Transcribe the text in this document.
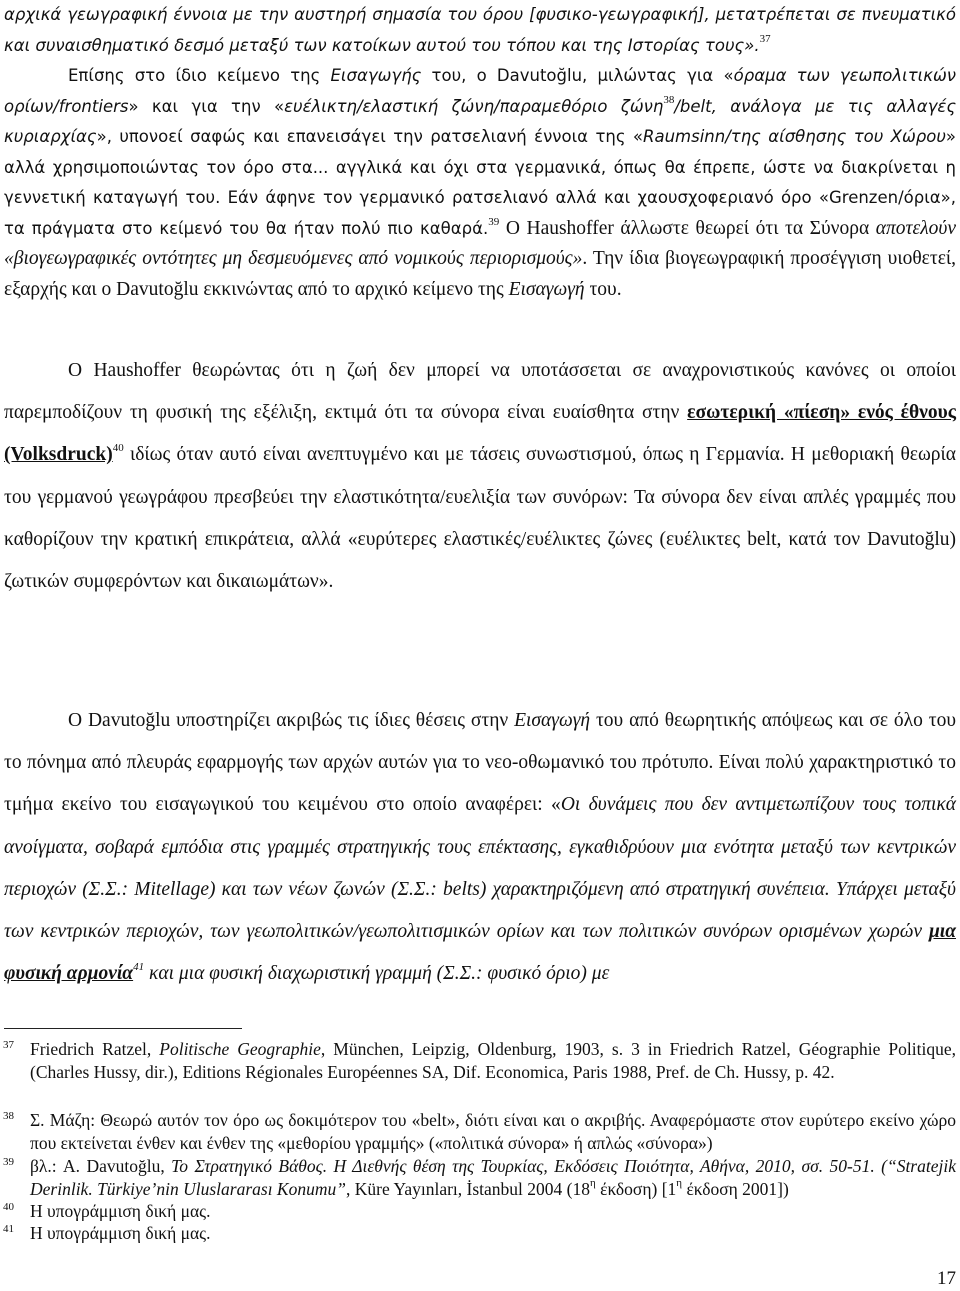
αρχικά γεωγραφική έννοια με την αυστηρή σημασία του όρου [φυσικο-γεωγραφική], μετατρέπεται σε πνευματικό και συναισθηματικό δεσμό μεταξύ των κατοίκων αυτού του τόπου και της Ιστορίας τους».$^{37}$
Επίσης στο ίδιο κείμενο της Εισαγωγής του, ο Davutoğlu, μιλώντας για «όραμα των γεωπολιτικών ορίων/frontiers» και για την «ευέλικτη/ελαστική ζώνη/παραμεθόριο ζώνη$^{38}$/belt, ανάλογα με τις αλλαγές κυριαρχίας», υπονοεί σαφώς και επανεισάγει την ρατσελιανή έννοια της «Raumsinn/της αίσθησης του Χώρου» αλλά χρησιμοποιώντας τον όρο στα... αγγλικά και όχι στα γερμανικά, όπως θα έπρεπε, ώστε να διακρίνεται η γεννετική καταγωγή του. Εάν άφηνε τον γερμανικό ρατσελιανό αλλά και χαουσχοφεριανό όρο «Grenzen/όρια», τα πράγματα στο κείμενό του θα ήταν πολύ πιο καθαρά.$^{39}$ Ο Haushoffer άλλωστε θεωρεί ότι τα Σύνορα αποτελούν «βιογεωγραφικές οντότητες μη δεσμευόμενες από νομικούς περιορισμούς». Την ίδια βιογεωγραφική προσέγγιση υιοθετεί, εξαρχής και ο Davutoğlu εκκινώντας από το αρχικό κείμενο της Εισαγωγή του.

Ο Haushoffer θεωρώντας ότι η ζωή δεν μπορεί να υποτάσσεται σε αναχρονιστικούς κανόνες οι οποίοι παρεμποδίζουν τη φυσική της εξέλιξη, εκτιμά ότι τα σύνορα είναι ευαίσθητα στην εσωτερική «πίεση» ενός έθνους (Volksdruck)$^{40}$ ιδίως όταν αυτό είναι ανεπτυγμένο και με τάσεις συνωστισμού, όπως η Γερμανία. Η μεθοριακή θεωρία του γερμανού γεωγράφου πρεσβεύει την ελαστικότητα/ευελιξία των συνόρων: Τα σύνορα δεν είναι απλές γραμμές που καθορίζουν την κρατική επικράτεια, αλλά «ευρύτερες ελαστικές/ευέλικτες ζώνες (ευέλικτες belt, κατά τον Davutoğlu) ζωτικών συμφερόντων και δικαιωμάτων».

Ο Davutoğlu υποστηρίζει ακριβώς τις ίδιες θέσεις στην Εισαγωγή του από θεωρητικής απόψεως και σε όλο του το πόνημα από πλευράς εφαρμογής των αρχών αυτών για το νεο-οθωμανικό του πρότυπο. Είναι πολύ χαρακτηριστικό το τμήμα εκείνο του εισαγωγικού του κειμένου στο οποίο αναφέρει: «Οι δυνάμεις που δεν αντιμετωπίζουν τους τοπικά ανοίγματα, σοβαρά εμπόδια στις γραμμές στρατηγικής τους επέκτασης, εγκαθιδρύουν μια ενότητα μεταξύ των κεντρικών περιοχών (Σ.Σ.: Mitellage) και των νέων ζωνών (Σ.Σ.: belts) χαρακτηριζόμενη από στρατηγική συνέπεια. Υπάρχει μεταξύ των κεντρικών περιοχών, των γεωπολιτικών/γεωπολιτισμικών ορίων και των πολιτικών συνόρων ορισμένων χωρών μια φυσική αρμονία$^{41}$ και μια φυσική διαχωριστική γραμμή (Σ.Σ.: φυσικό όριο) με

37 Friedrich Ratzel, Politische Geographie, München, Leipzig, Oldenburg, 1903, s. 3 in Friedrich Ratzel, Géographie Politique, (Charles Hussy, dir.), Editions Régionales Européennes SA, Dif. Economica, Paris 1988, Pref. de Ch. Hussy, p. 42.
38 Σ. Μάζη: Θεωρώ αυτόν τον όρο ως δοκιμότερον του «belt», διότι είναι και ο ακριβής. Αναφερόμαστε στον ευρύτερο εκείνο χώρο που εκτείνεται ένθεν και ένθεν της «μεθορίου γραμμής» («πολιτικά σύνορα» ή απλώς «σύνορα»)
39 βλ.: A. Davutoğlu, Το Στρατηγικό Βάθος. Η Διεθνής θέση της Τουρκίας, Εκδόσεις Ποιότητα, Αθήνα, 2010, σσ. 50-51. (“Stratejik Derinlik. Türkiye’nin Uluslararası Konumu”, Küre Yayınları, İstanbul 2004 ($18^\eta$ έκδοση) [$1^\eta$ έκδοση 2001])
40 Η υπογράμμιση δική μας.
41 Η υπογράμμιση δική μας.
17
